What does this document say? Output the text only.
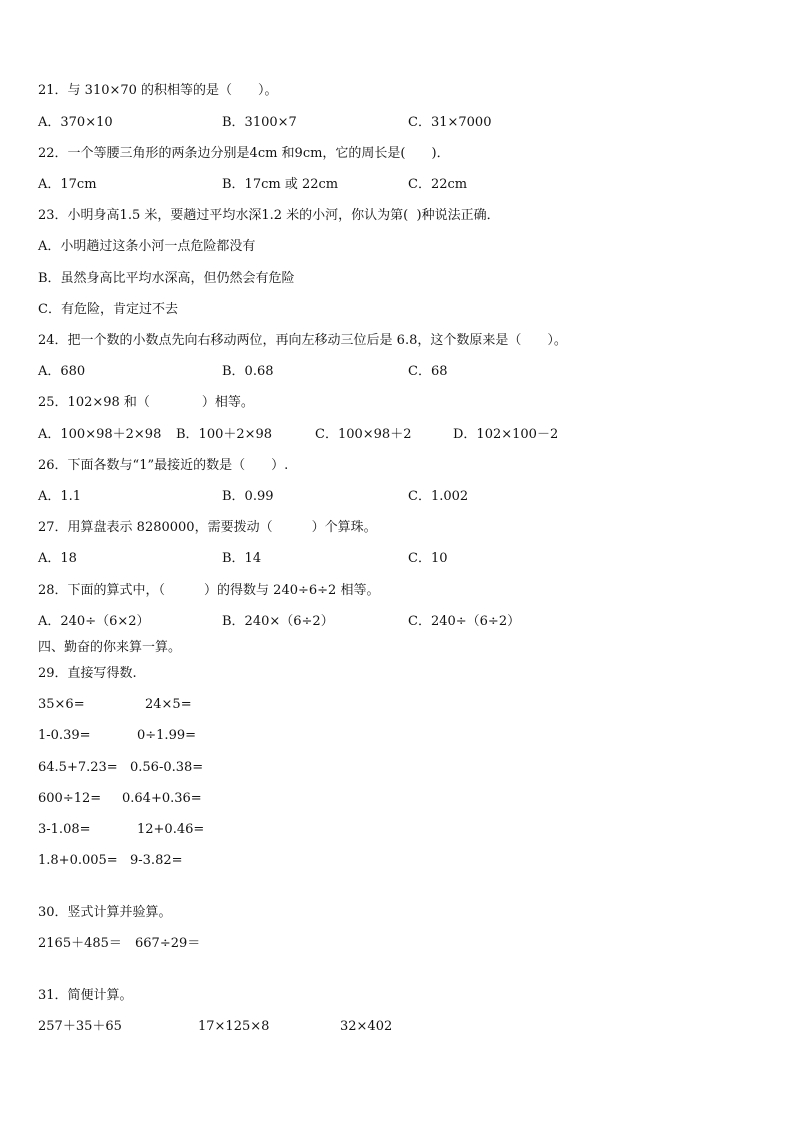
21．与 310×70 的积相等的是（　　）。
A．370×10	B．3100×7	C．31×7000
22．一个等腰三角形的两条边分别是4cm 和9cm，它的周长是(　　)．
A．17cm	B．17cm 或 22cm	C．22cm
23．小明身高1.5 米，要趟过平均水深1.2 米的小河，你认为第(  )种说法正确．
A．小明趟过这条小河一点危险都没有
B．虽然身高比平均水深高，但仍然会有危险
C．有危险，肯定过不去
24．把一个数的小数点先向右移动两位，再向左移动三位后是 6.8，这个数原来是（　　）。
A．680	B．0.68	C．68
25．102×98 和（　　　　）相等。
A．100×98＋2×98 B．100＋2×98	C．100×98＋2	D．102×100－2
26．下面各数与“1”最接近的数是（　　）.
A．1.1	B．0.99	C．1.002
27．用算盘表示 8280000，需要拨动（　　　）个算珠。
A．18	B．14	C．10
28．下面的算式中，（　　　）的得数与 240÷6÷2 相等。
A．240÷（6×2）	B．240×（6÷2）	C．240÷（6÷2）
四、勤奋的你来算一算。
29．直接写得数.
35×6=	24×5=
1-0.39=	0÷1.99=
64.5+7.23= 0.56-0.38=
600÷12= 0.64+0.36=
3-1.08=	12+0.46=
1.8+0.005= 9-3.82=
30．竖式计算并验算。
2165＋485＝ 667÷29＝
31．简便计算。
257＋35＋65	17×125×8	32×402
